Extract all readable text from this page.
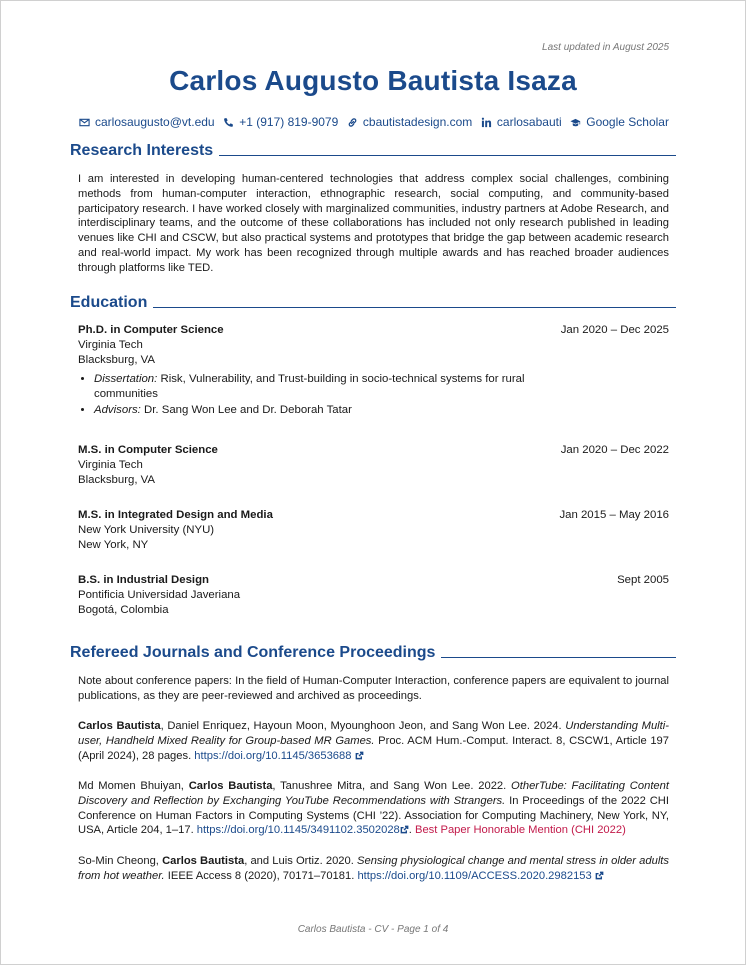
Last updated in August 2025
Carlos Augusto Bautista Isaza
carlosaugusto@vt.edu +1 (917) 819-9079 cbautistadesign.com carlosabauti Google Scholar
Research Interests
I am interested in developing human-centered technologies that address complex social challenges, combining methods from human-computer interaction, ethnographic research, social computing, and community-based participatory research. I have worked closely with marginalized communities, industry partners at Adobe Research, and interdisciplinary teams, and the outcome of these collaborations has included not only research published in leading venues like CHI and CSCW, but also practical systems and prototypes that bridge the gap between academic research and real-world impact. My work has been recognized through multiple awards and has reached broader audiences through platforms like TED.
Education
Ph.D. in Computer Science	Jan 2020 – Dec 2025
Virginia Tech
Blacksburg, VA
• Dissertation: Risk, Vulnerability, and Trust-building in socio-technical systems for rural communities
• Advisors: Dr. Sang Won Lee and Dr. Deborah Tatar
M.S. in Computer Science	Jan 2020 – Dec 2022
Virginia Tech
Blacksburg, VA
M.S. in Integrated Design and Media	Jan 2015 – May 2016
New York University (NYU)
New York, NY
B.S. in Industrial Design	Sept 2005
Pontificia Universidad Javeriana
Bogotá, Colombia
Refereed Journals and Conference Proceedings
Note about conference papers: In the field of Human-Computer Interaction, conference papers are equivalent to journal publications, as they are peer-reviewed and archived as proceedings.
Carlos Bautista, Daniel Enriquez, Hayoun Moon, Myounghoon Jeon, and Sang Won Lee. 2024. Understanding Multi-user, Handheld Mixed Reality for Group-based MR Games. Proc. ACM Hum.-Comput. Interact. 8, CSCW1, Article 197 (April 2024), 28 pages. https://doi.org/10.1145/3653688
Md Momen Bhuiyan, Carlos Bautista, Tanushree Mitra, and Sang Won Lee. 2022. OtherTube: Facilitating Content Discovery and Reflection by Exchanging YouTube Recommendations with Strangers. In Proceedings of the 2022 CHI Conference on Human Factors in Computing Systems (CHI ’22). Association for Computing Machinery, New York, NY, USA, Article 204, 1–17. https://doi.org/10.1145/3491102.3502028 . Best Paper Honorable Mention (CHI 2022)
So-Min Cheong, Carlos Bautista, and Luis Ortiz. 2020. Sensing physiological change and mental stress in older adults from hot weather. IEEE Access 8 (2020), 70171–70181. https://doi.org/10.1109/ACCESS.2020.2982153
Carlos Bautista - CV - Page 1 of 4
